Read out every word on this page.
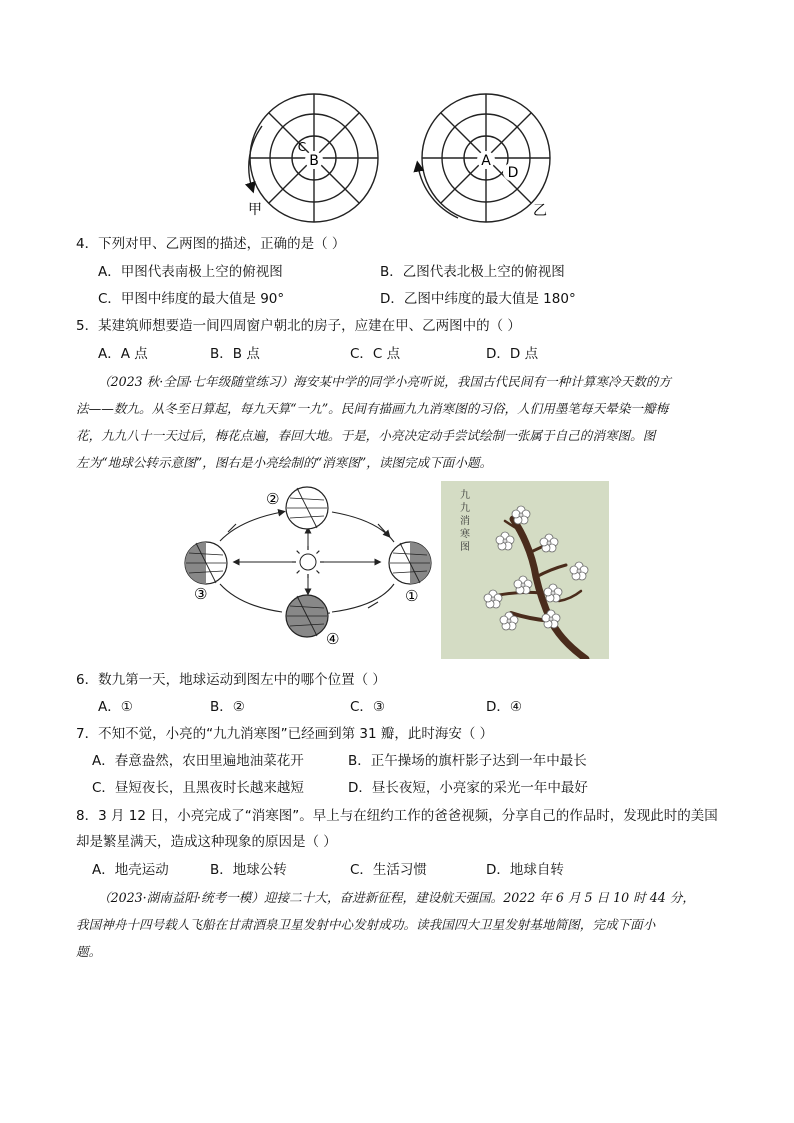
B
C
甲
A
D
乙
4．下列对甲、乙两图的描述，正确的是（ ）
A．甲图代表南极上空的俯视图	B．乙图代表北极上空的俯视图
C．甲图中纬度的最大值是 90°	D．乙图中纬度的最大值是 180°
5．某建筑师想要造一间四周窗户朝北的房子，应建在甲、乙两图中的（ ）
A．A 点	B．B 点	C．C 点	D．D 点
（2023 秋·全国·七年级随堂练习）海安某中学的同学小亮听说，我国古代民间有一种计算寒冷天数的方
法——数九。从冬至日算起，每九天算“一九”。民间有描画九九消寒图的习俗，人们用墨笔每天晕染一瓣梅
花，九九八十一天过后，梅花点遍，春回大地。于是，小亮决定动手尝试绘制一张属于自己的消寒图。图
左为“地球公转示意图”，图右是小亮绘制的“消寒图”，读图完成下面小题。
②
③	①
④
九
九
消
寒
图
6．数九第一天，地球运动到图左中的哪个位置（ ）
A．①	B．②	C．③	D．④
7．不知不觉，小亮的“九九消寒图”已经画到第 31 瓣，此时海安（ ）
A．春意盎然，农田里遍地油菜花开	B．正午操场的旗杆影子达到一年中最长
C．昼短夜长，且黑夜时长越来越短	D．昼长夜短，小亮家的采光一年中最好
8．3 月 12 日，小亮完成了“消寒图”。早上与在纽约工作的爸爸视频，分享自己的作品时，发现此时的美国
却是繁星满天，造成这种现象的原因是（ ）
A．地壳运动	B．地球公转	C．生活习惯	D．地球自转
（2023·湖南益阳·统考一模）迎接二十大，奋进新征程，建设航天强国。2022 年 6 月 5 日 10 时 44 分，
我国神舟十四号载人飞船在甘肃酒泉卫星发射中心发射成功。读我国四大卫星发射基地简图，完成下面小
题。
